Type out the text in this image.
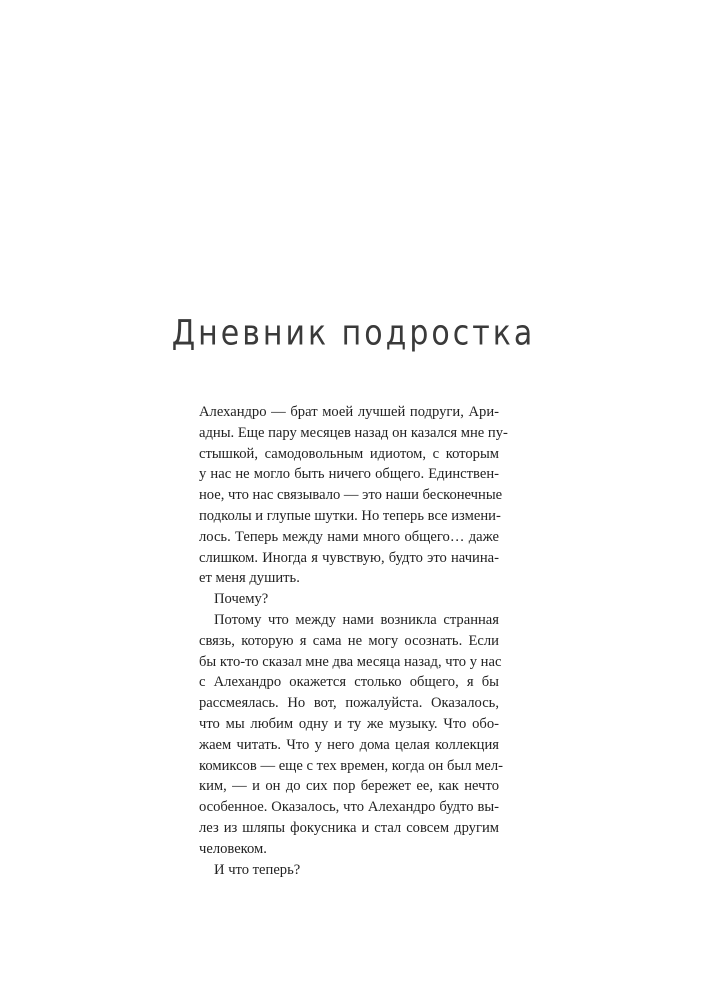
Дневник подростка
Алехандро — брат моей лучшей подруги, Ари-
адны. Еще пару месяцев назад он казался мне пу-
стышкой, самодовольным идиотом, с которым
у нас не могло быть ничего общего. Единствен-
ное, что нас связывало — это наши бесконечные
подколы и глупые шутки. Но теперь все измени-
лось. Теперь между нами много общего… даже
слишком. Иногда я чувствую, будто это начина-
ет меня душить.
Почему?
Потому что между нами возникла странная
связь, которую я сама не могу осознать. Если
бы кто-то сказал мне два месяца назад, что у нас
с Алехандро окажется столько общего, я бы
рассмеялась. Но вот, пожалуйста. Оказалось,
что мы любим одну и ту же музыку. Что обо-
жаем читать. Что у него дома целая коллекция
комиксов — еще с тех времен, когда он был мел-
ким, — и он до сих пор бережет ее, как нечто
особенное. Оказалось, что Алехандро будто вы-
лез из шляпы фокусника и стал совсем другим
человеком.
И что теперь?
